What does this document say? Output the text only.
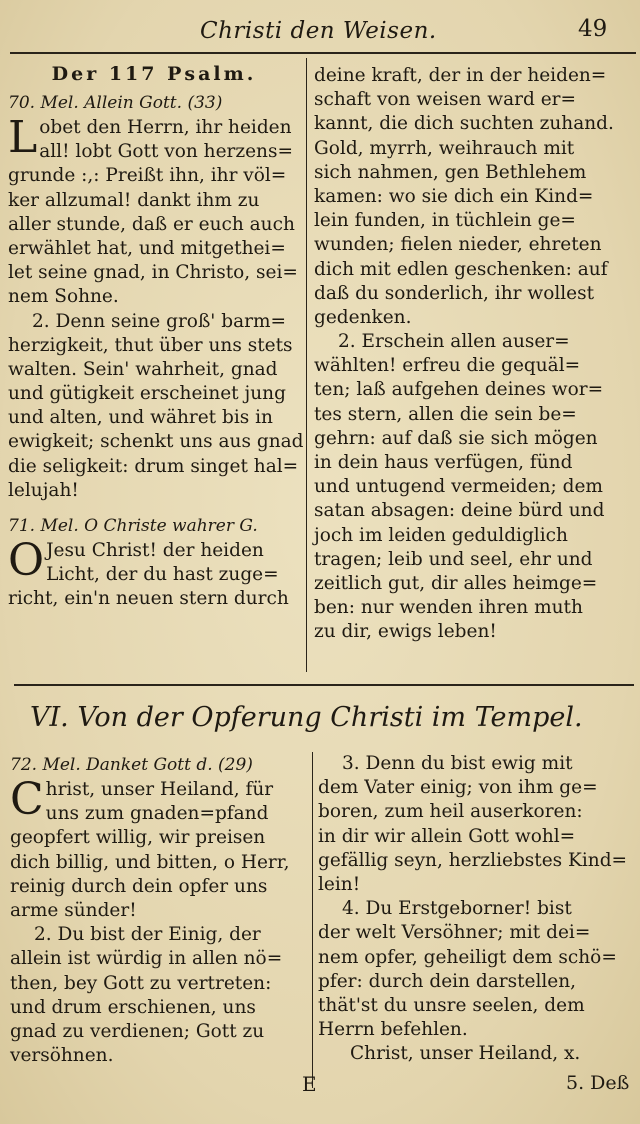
Christi den Weisen.	49
Der 117 Psalm.
70. Mel. Allein Gott. (33)
L obet den Herrn, ihr heiden
all! lobt Gott von herzens=
grunde :,: Preißt ihn, ihr völ=
ker allzumal! dankt ihm zu
aller stunde, daß er euch auch
erwählet hat, und mitgethei=
let seine gnad, in Christo, sei=
nem Sohne.
2. Denn seine groß' barm=
herzigkeit, thut über uns stets
walten. Sein' wahrheit, gnad
und gütigkeit erscheinet jung
und alten, und währet bis in
ewigkeit; schenkt uns aus gnad
die seligkeit: drum singet hal=
lelujah!
71. Mel. O Christe wahrer G.
O Jesu Christ! der heiden
Licht, der du hast zuge=
richt, ein'n neuen stern durch
deine kraft, der in der heiden=
schaft von weisen ward er=
kannt, die dich suchten zuhand.
Gold, myrrh, weihrauch mit
sich nahmen, gen Bethlehem
kamen: wo sie dich ein Kind=
lein funden, in tüchlein ge=
wunden; fielen nieder, ehreten
dich mit edlen geschenken: auf
daß du sonderlich, ihr wollest
gedenken.
2. Erschein allen auser=
wählten! erfreu die gequäl=
ten; laß aufgehen deines wor=
tes stern, allen die sein be=
gehrn: auf daß sie sich mögen
in dein haus verfügen, fünd
und untugend vermeiden; dem
satan absagen: deine bürd und
joch im leiden geduldiglich
tragen; leib und seel, ehr und
zeitlich gut, dir alles heimge=
ben: nur wenden ihren muth
zu dir, ewigs leben!
VI. Von der Opferung Christi im Tempel.
72. Mel. Danket Gott d. (29)
C hrist, unser Heiland, für
uns zum gnaden=pfand
geopfert willig, wir preisen
dich billig, und bitten, o Herr,
reinig durch dein opfer uns
arme sünder!
2. Du bist der Einig, der
allein ist würdig in allen nö=
then, bey Gott zu vertreten:
und drum erschienen, uns
gnad zu verdienen; Gott zu
versöhnen.
3. Denn du bist ewig mit
dem Vater einig; von ihm ge=
boren, zum heil auserkoren:
in dir wir allein Gott wohl=
gefällig seyn, herzliebstes Kind=
lein!
4. Du Erstgeborner! bist
der welt Versöhner; mit dei=
nem opfer, geheiligt dem schö=
pfer: durch dein darstellen,
thät'st du unsre seelen, dem
Herrn befehlen.
Christ, unser Heiland, x.
E	5. Deß
